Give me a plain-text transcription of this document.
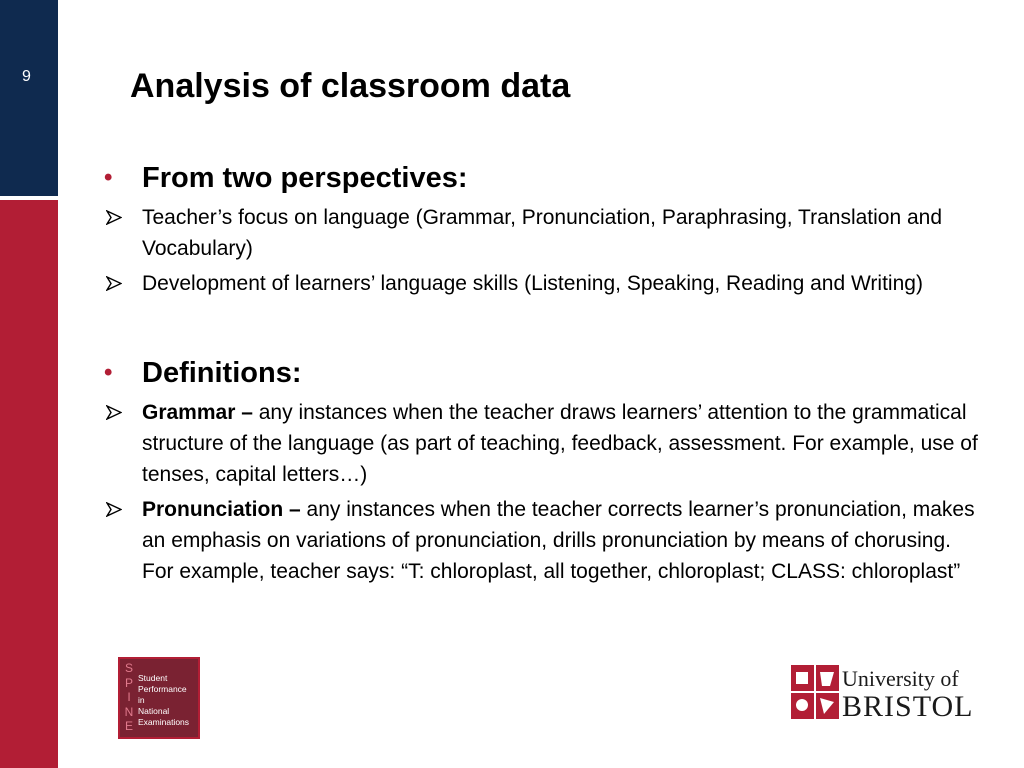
9	Analysis of classroom data

• From two perspectives:

Teacher’s focus on language (Grammar, Pronunciation, Paraphrasing, Translation and Vocabulary)

Development of learners’ language skills (Listening, Speaking, Reading and Writing)

• Definitions:

Grammar – any instances when the teacher draws learners’ attention to the grammatical structure of the language (as part of teaching, feedback, assessment. For example, use of tenses, capital letters…)

Pronunciation – any instances when the teacher corrects learner’s pronunciation, makes an emphasis on variations of pronunciation, drills pronunciation by means of chorusing. For example, teacher says: “T: chloroplast, all together, chloroplast; CLASS: chloroplast”

S
P
I
N
E
Student
Performance
in
National
Examinations
University of
BRISTOL
